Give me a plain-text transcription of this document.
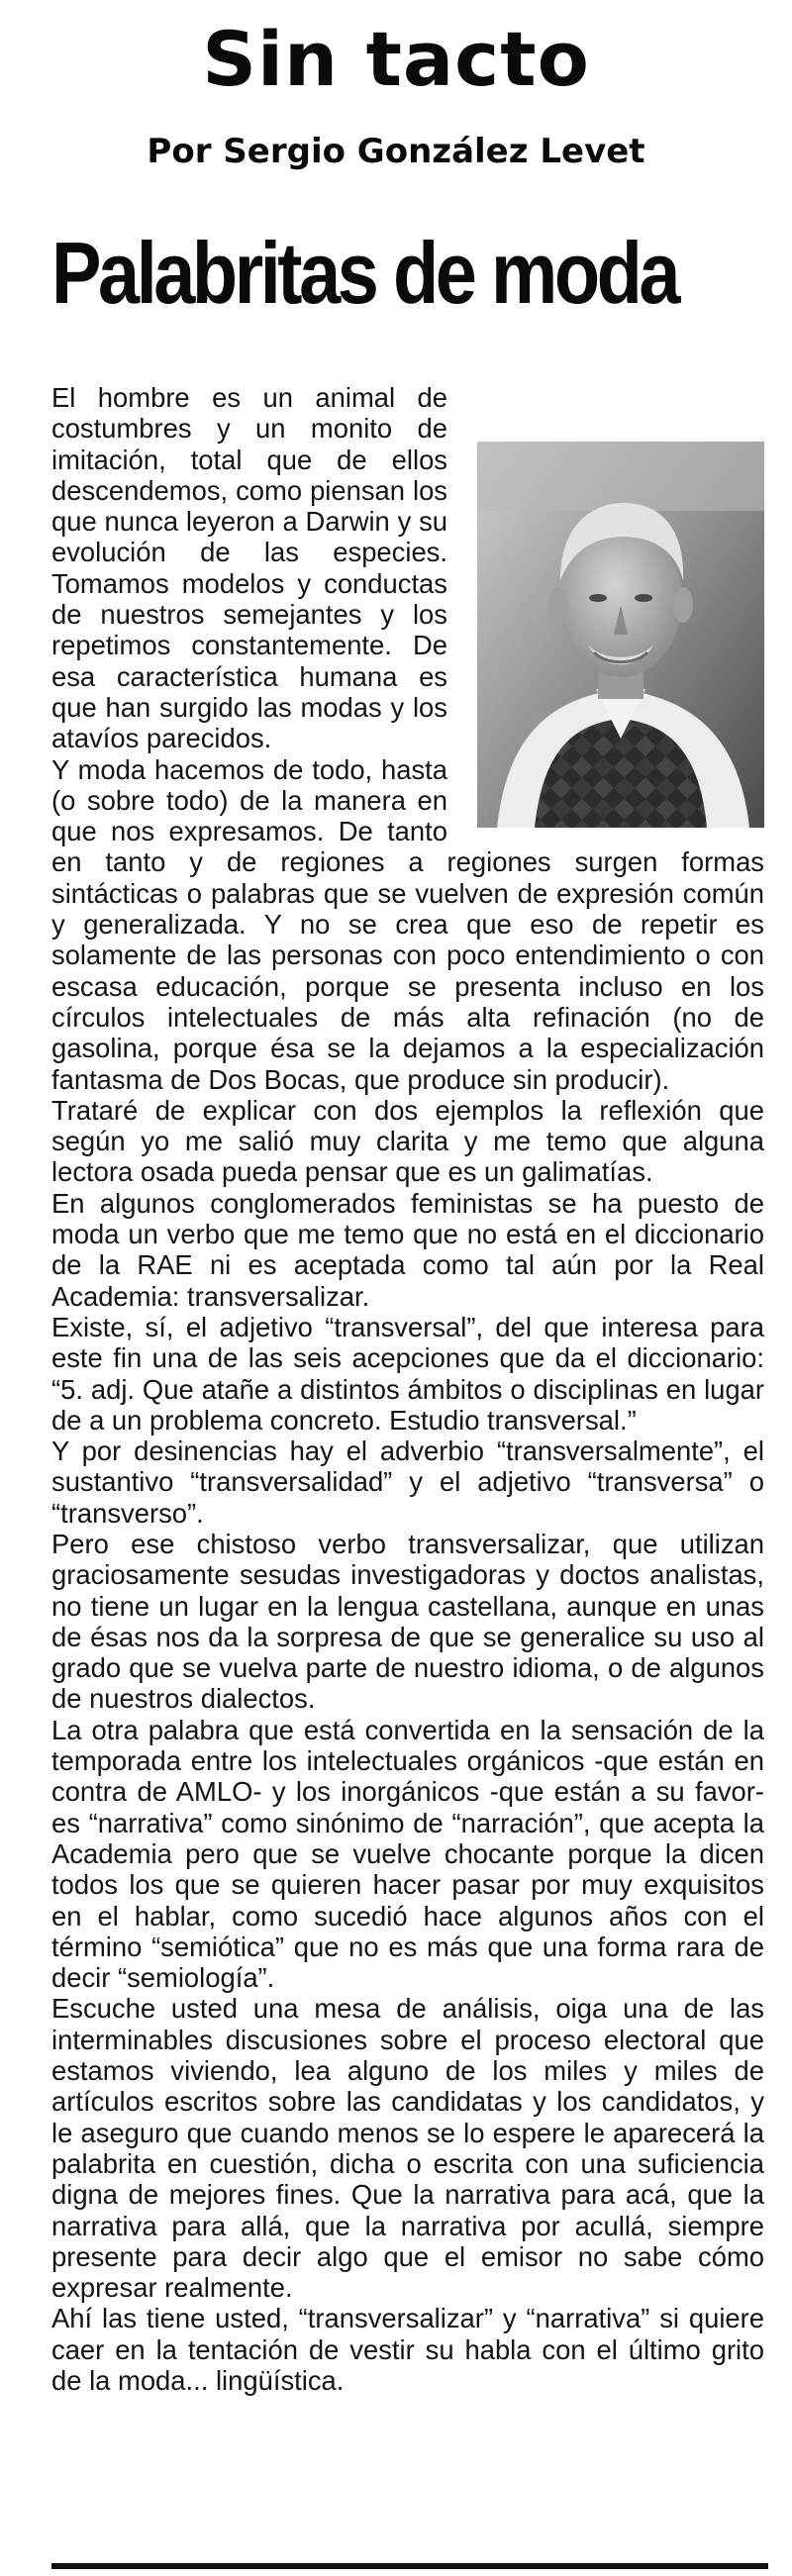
Sin tacto
Por Sergio González Levet
Palabritas de moda

El hombre es un animal de costumbres y un monito de imitación, total que de ellos descendemos, como piensan los que nunca leyeron a Darwin y su evolución de las especies. Tomamos modelos y conductas de nuestros semejantes y los repetimos constantemente. De esa característica humana es que han surgido las modas y los atavíos parecidos.

Y moda hacemos de todo, hasta (o sobre todo) de la manera en que nos expresamos. De tanto en tanto y de regiones a regiones surgen formas sintácticas o palabras que se vuelven de expresión común y generalizada. Y no se crea que eso de repetir es solamente de las personas con poco entendimiento o con escasa educación, porque se presenta incluso en los círculos intelectuales de más alta refinación (no de gasolina, porque ésa se la dejamos a la especialización fantasma de Dos Bocas, que produce sin producir).

Trataré de explicar con dos ejemplos la reflexión que según yo me salió muy clarita y me temo que alguna lectora osada pueda pensar que es un galimatías.

En algunos conglomerados feministas se ha puesto de moda un verbo que me temo que no está en el diccionario de la RAE ni es aceptada como tal aún por la Real Academia: transversalizar.

Existe, sí, el adjetivo “transversal”, del que interesa para este fin una de las seis acepciones que da el diccionario: “5. adj. Que atañe a distintos ámbitos o disciplinas en lugar de a un problema concreto. Estudio transversal.”

Y por desinencias hay el adverbio “transversalmente”, el sustantivo “transversalidad” y el adjetivo “transversa” o “transverso”.

Pero ese chistoso verbo transversalizar, que utilizan graciosamente sesudas investigadoras y doctos analistas, no tiene un lugar en la lengua castellana, aunque en unas de ésas nos da la sorpresa de que se generalice su uso al grado que se vuelva parte de nuestro idioma, o de algunos de nuestros dialectos.

La otra palabra que está convertida en la sensación de la temporada entre los intelectuales orgánicos -que están en contra de AMLO- y los inorgánicos -que están a su favor- es “narrativa” como sinónimo de “narración”, que acepta la Academia pero que se vuelve chocante porque la dicen todos los que se quieren hacer pasar por muy exquisitos en el hablar, como sucedió hace algunos años con el término “semiótica” que no es más que una forma rara de decir “semiología”.

Escuche usted una mesa de análisis, oiga una de las interminables discusiones sobre el proceso electoral que estamos viviendo, lea alguno de los miles y miles de artículos escritos sobre las candidatas y los candidatos, y le aseguro que cuando menos se lo espere le aparecerá la palabrita en cuestión, dicha o escrita con una suficiencia digna de mejores fines. Que la narrativa para acá, que la narrativa para allá, que la narrativa por acullá, siempre presente para decir algo que el emisor no sabe cómo expresar realmente.

Ahí las tiene usted, “transversalizar” y “narrativa” si quiere caer en la tentación de vestir su habla con el último grito de la moda... lingüística.
